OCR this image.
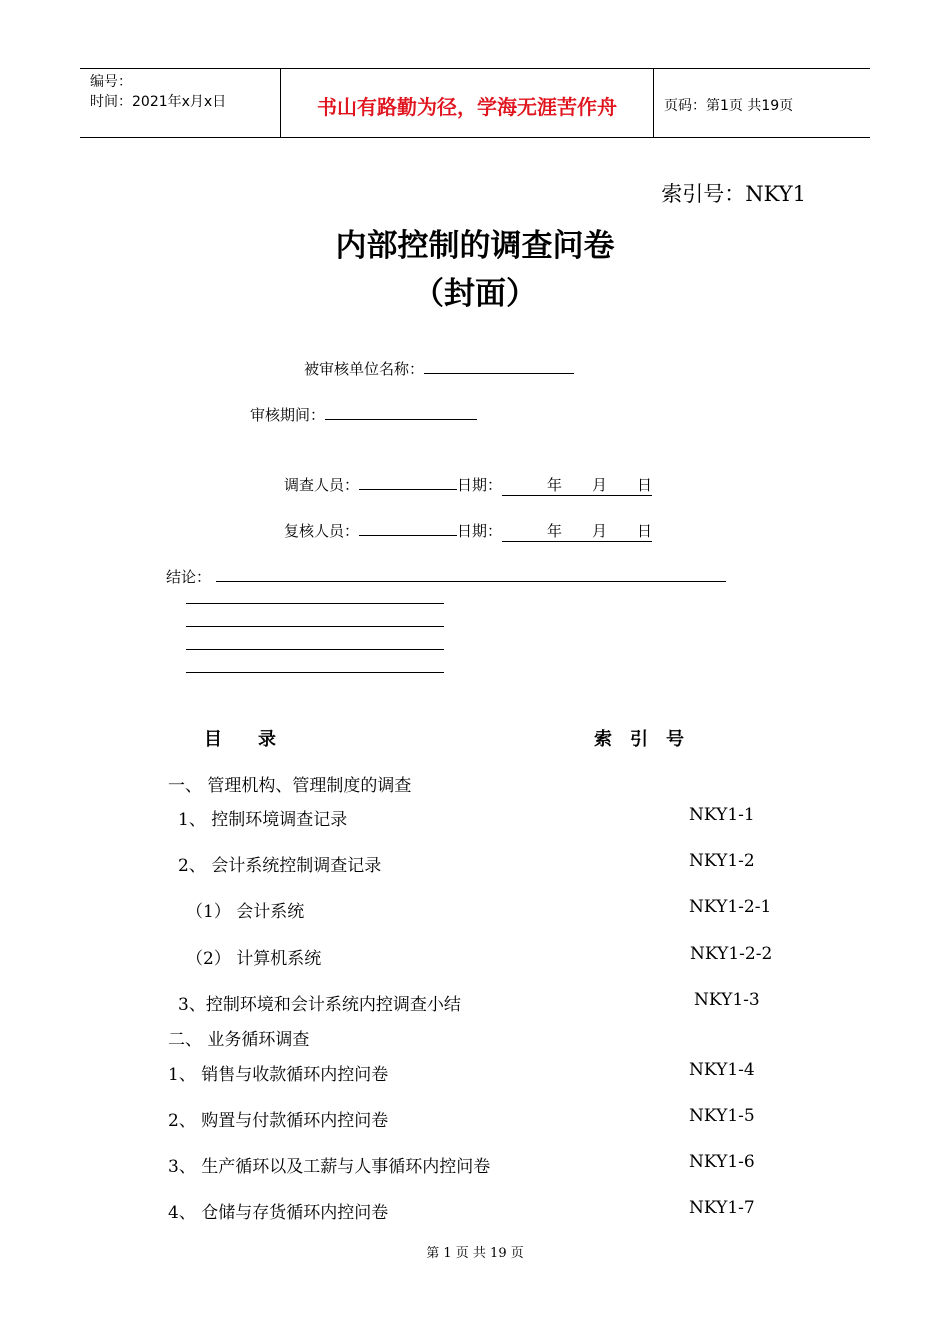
编号：
时间：2021年x月x日	书山有路勤为径，学海无涯苦作舟	页码：第1页 共19页
索引号：NKY1
内部控制的调查问卷
（封面）
被审核单位名称：
审核期间：
调查人员：	日期：　　　年　　月　　日
复核人员：	日期：　　　年　　月　　日
结论：
目　　录	索　引　号
一、 管理机构、管理制度的调查
1、 控制环境调查记录	NKY1-1
2、 会计系统控制调查记录	NKY1-2
（1） 会计系统	NKY1-2-1
（2） 计算机系统	NKY1-2-2
3、控制环境和会计系统内控调查小结	NKY1-3
二、 业务循环调查
1、 销售与收款循环内控问卷	NKY1-4
2、 购置与付款循环内控问卷	NKY1-5
3、 生产循环以及工薪与人事循环内控问卷	NKY1-6
4、 仓储与存货循环内控问卷	NKY1-7
第 1 页 共 19 页
